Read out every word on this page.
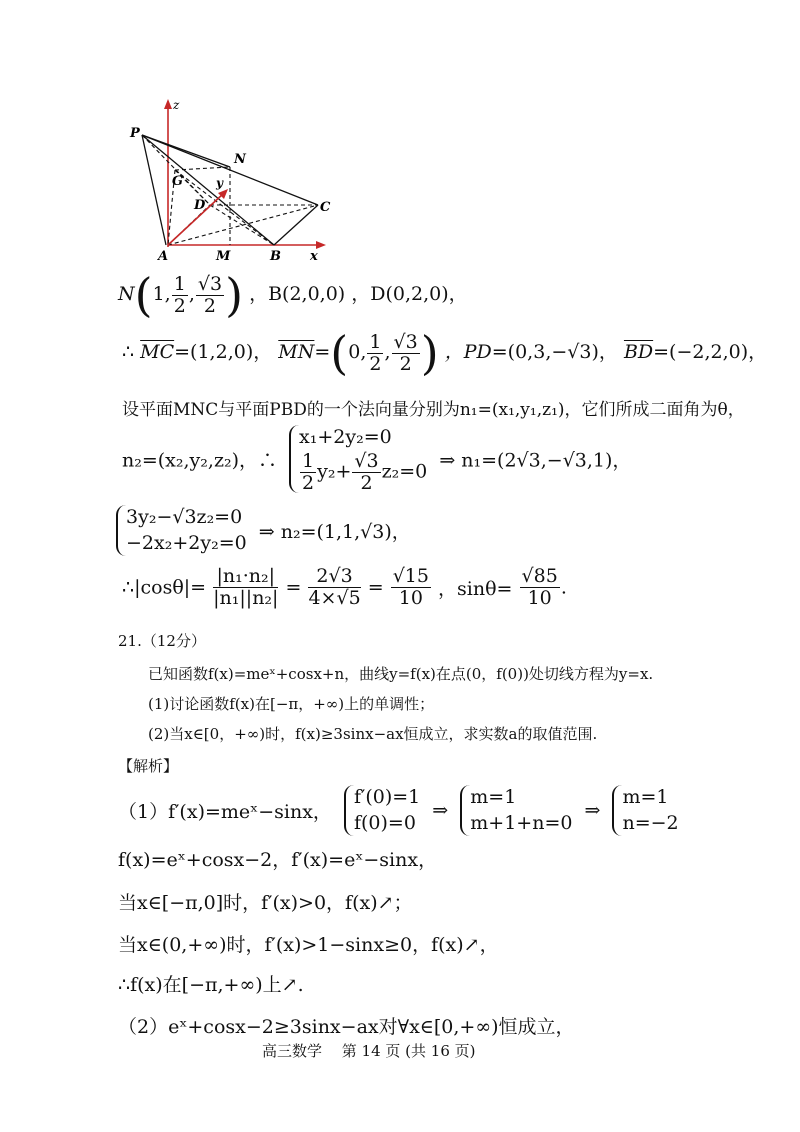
z
P
N
G	y
D	C
A	M	B x
N(1, $\frac{1}{2}$ , $\frac{√3}{2}$ ) ，B(2,0,0) ，D(0,2,0)，
∴ $\overline{MC}=(1,2,0)$， $\overline{MN}=(0$, $\frac{1}{2}$ , $\frac{√3}{2}$ ) ，PD=(0,3,−√3)， $\overline{BD}=(-2,2,0)$，
设平面MNC与平面PBD的一个法向量分别为n₁=(x₁,y₁,z₁)，它们所成二面角为θ，
n₂=(x₂,y₂,z₂)，∴
x₁+2y₂=0
$\frac{1}{2} y_2+ \frac{√3}{2} z_2=0$ ⇒ n₁=(2√3,−√3,1)，
3y₂−√3z₂=0
−2x₂+2y₂=0 ⇒ n₂=(1,1,√3)，
∴|cosθ|= $\frac{\text{|n₁·n₂|}}{\text{|n₁||n₂|}} = \frac{2√3}{4\times√5} = \frac{√15}{10}$ ，$\sin\theta= \frac{√85}{10}$ .
21.（12分）
已知函数f(x)=meˣ+cosx+n，曲线y=f(x)在点(0，f(0))处切线方程为y=x.
(1)讨论函数f(x)在[−π，+∞)上的单调性；
(2)当x∈[0，+∞)时，f(x)≥3sinx−ax恒成立，求实数a的取值范围.
【解析】
（1）f′(x)=meˣ−sinx，
f′(0)=1
f(0)=0
⇒
m=1
m+1+n=0
⇒
m=1
n=−2
f(x)=eˣ+cosx−2，f′(x)=eˣ−sinx，
当x∈[−π,0]时，f′(x)>0，f(x)↗；
当x∈(0,+∞)时，f′(x)>1−sinx≥0，f(x)↗，
∴f(x)在[−π,+∞)上↗.
（2）eˣ+cosx−2≥3sinx−ax对∀x∈[0,+∞)恒成立，
高三数学　 第 14 页 (共 16 页)
